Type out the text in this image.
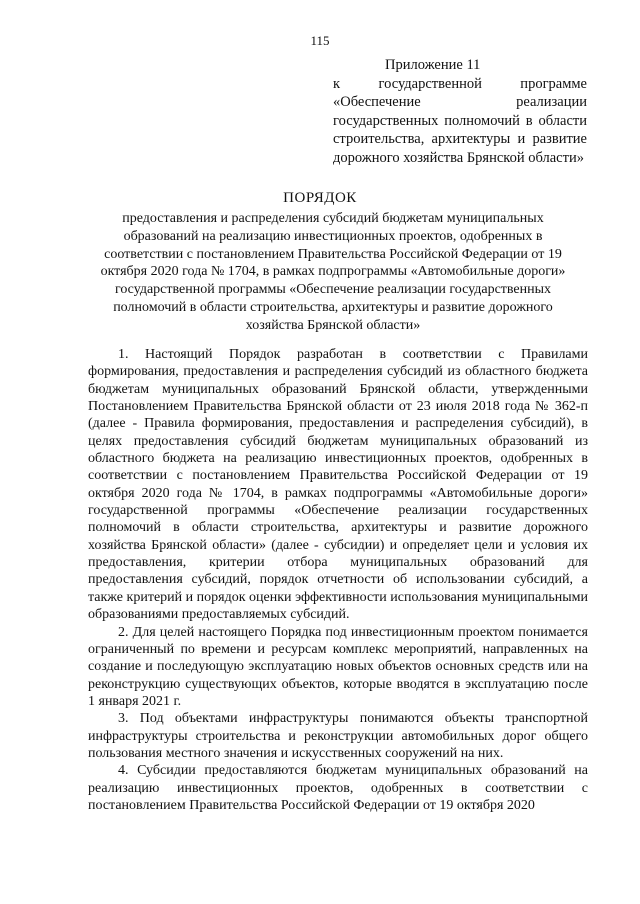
115
Приложение 11
к государственной программе «Обеспечение реализации государственных полномочий в области строительства, архитектуры и развитие дорожного хозяйства Брянской области»
ПОРЯДОК
предоставления и распределения субсидий бюджетам муниципальных образований на реализацию инвестиционных проектов, одобренных в соответствии с постановлением Правительства Российской Федерации от 19 октября 2020 года № 1704, в рамках подпрограммы «Автомобильные дороги» государственной программы «Обеспечение реализации государственных полномочий в области строительства, архитектуры и развитие дорожного хозяйства Брянской области»

1. Настоящий Порядок разработан в соответствии с Правилами формирования, предоставления и распределения субсидий из областного бюджета бюджетам муниципальных образований Брянской области, утвержденными Постановлением Правительства Брянской области от 23 июля 2018 года № 362-п (далее - Правила формирования, предоставления и распределения субсидий), в целях предоставления субсидий бюджетам муниципальных образований из областного бюджета на реализацию инвестиционных проектов, одобренных в соответствии с постановлением Правительства Российской Федерации от 19 октября 2020 года № 1704, в рамках подпрограммы «Автомобильные дороги» государственной программы «Обеспечение реализации государственных полномочий в области строительства, архитектуры и развитие дорожного хозяйства Брянской области» (далее - субсидии) и определяет цели и условия их предоставления, критерии отбора муниципальных образований для предоставления субсидий, порядок отчетности об использовании субсидий, а также критерий и порядок оценки эффективности использования муниципальными образованиями предоставляемых субсидий.

2. Для целей настоящего Порядка под инвестиционным проектом понимается ограниченный по времени и ресурсам комплекс мероприятий, направленных на создание и последующую эксплуатацию новых объектов основных средств или на реконструкцию существующих объектов, которые вводятся в эксплуатацию после 1 января 2021 г.

3. Под объектами инфраструктуры понимаются объекты транспортной инфраструктуры строительства и реконструкции автомобильных дорог общего пользования местного значения и искусственных сооружений на них.

4. Субсидии предоставляются бюджетам муниципальных образований на реализацию инвестиционных проектов, одобренных в соответствии с постановлением Правительства Российской Федерации от 19 октября 2020
